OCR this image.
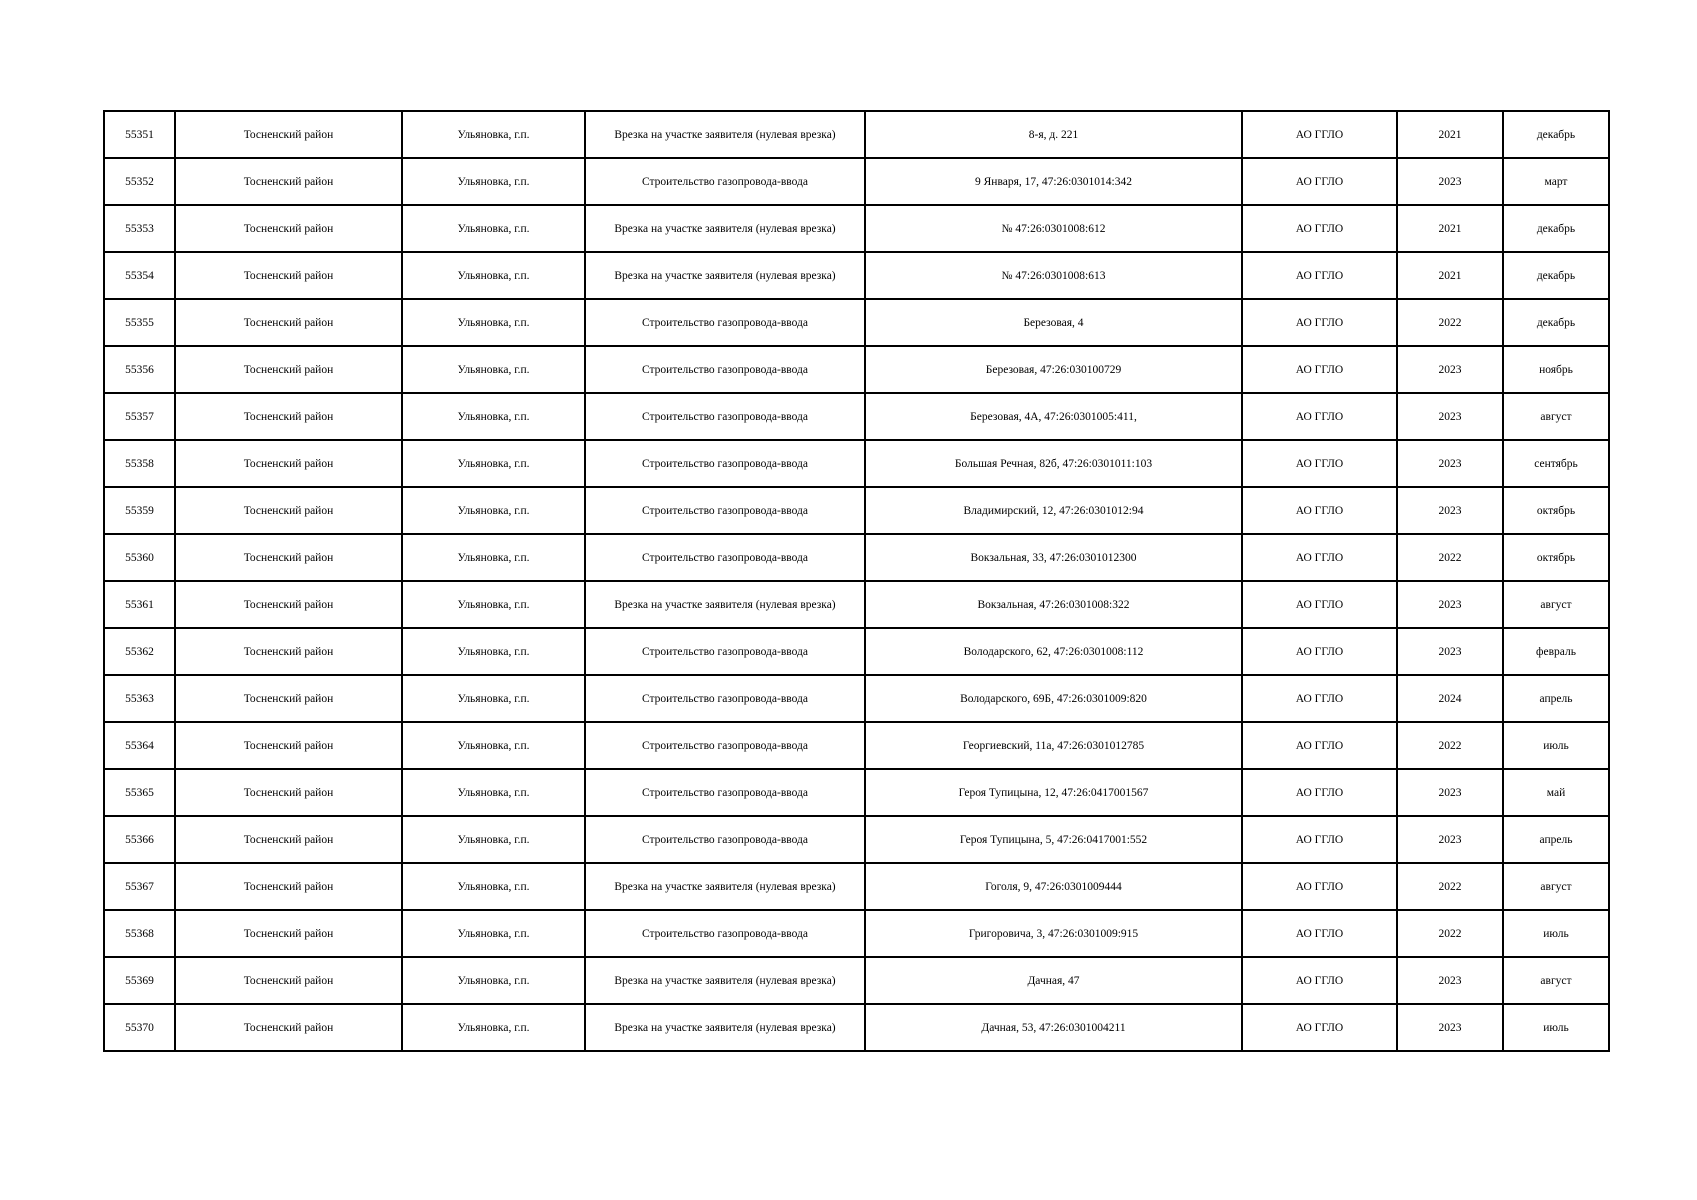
55351	Тосненский район	Ульяновка, г.п.	Врезка на участке заявителя (нулевая врезка)	8-я, д. 221	АО ГГЛО	2021	декабрь
55352	Тосненский район	Ульяновка, г.п.	Строительство газопровода-ввода	9 Января, 17, 47:26:0301014:342	АО ГГЛО	2023	март
55353	Тосненский район	Ульяновка, г.п.	Врезка на участке заявителя (нулевая врезка)	№ 47:26:0301008:612	АО ГГЛО	2021	декабрь
55354	Тосненский район	Ульяновка, г.п.	Врезка на участке заявителя (нулевая врезка)	№ 47:26:0301008:613	АО ГГЛО	2021	декабрь
55355	Тосненский район	Ульяновка, г.п.	Строительство газопровода-ввода	Березовая, 4	АО ГГЛО	2022	декабрь
55356	Тосненский район	Ульяновка, г.п.	Строительство газопровода-ввода	Березовая, 47:26:030100729	АО ГГЛО	2023	ноябрь
55357	Тосненский район	Ульяновка, г.п.	Строительство газопровода-ввода	Березовая, 4А, 47:26:0301005:411,	АО ГГЛО	2023	август
55358	Тосненский район	Ульяновка, г.п.	Строительство газопровода-ввода	Большая Речная, 82б, 47:26:0301011:103	АО ГГЛО	2023	сентябрь
55359	Тосненский район	Ульяновка, г.п.	Строительство газопровода-ввода	Владимирский, 12, 47:26:0301012:94	АО ГГЛО	2023	октябрь
55360	Тосненский район	Ульяновка, г.п.	Строительство газопровода-ввода	Вокзальная, 33, 47:26:0301012300	АО ГГЛО	2022	октябрь
55361	Тосненский район	Ульяновка, г.п.	Врезка на участке заявителя (нулевая врезка)	Вокзальная, 47:26:0301008:322	АО ГГЛО	2023	август
55362	Тосненский район	Ульяновка, г.п.	Строительство газопровода-ввода	Володарского, 62, 47:26:0301008:112	АО ГГЛО	2023	февраль
55363	Тосненский район	Ульяновка, г.п.	Строительство газопровода-ввода	Володарского, 69Б, 47:26:0301009:820	АО ГГЛО	2024	апрель
55364	Тосненский район	Ульяновка, г.п.	Строительство газопровода-ввода	Георгиевский, 11а, 47:26:0301012785	АО ГГЛО	2022	июль
55365	Тосненский район	Ульяновка, г.п.	Строительство газопровода-ввода	Героя Тупицына, 12, 47:26:0417001567	АО ГГЛО	2023	май
55366	Тосненский район	Ульяновка, г.п.	Строительство газопровода-ввода	Героя Тупицына, 5, 47:26:0417001:552	АО ГГЛО	2023	апрель
55367	Тосненский район	Ульяновка, г.п.	Врезка на участке заявителя (нулевая врезка)	Гоголя, 9, 47:26:0301009444	АО ГГЛО	2022	август
55368	Тосненский район	Ульяновка, г.п.	Строительство газопровода-ввода	Григоровича, 3, 47:26:0301009:915	АО ГГЛО	2022	июль
55369	Тосненский район	Ульяновка, г.п.	Врезка на участке заявителя (нулевая врезка)	Дачная, 47	АО ГГЛО	2023	август
55370	Тосненский район	Ульяновка, г.п.	Врезка на участке заявителя (нулевая врезка)	Дачная, 53, 47:26:0301004211	АО ГГЛО	2023	июль
